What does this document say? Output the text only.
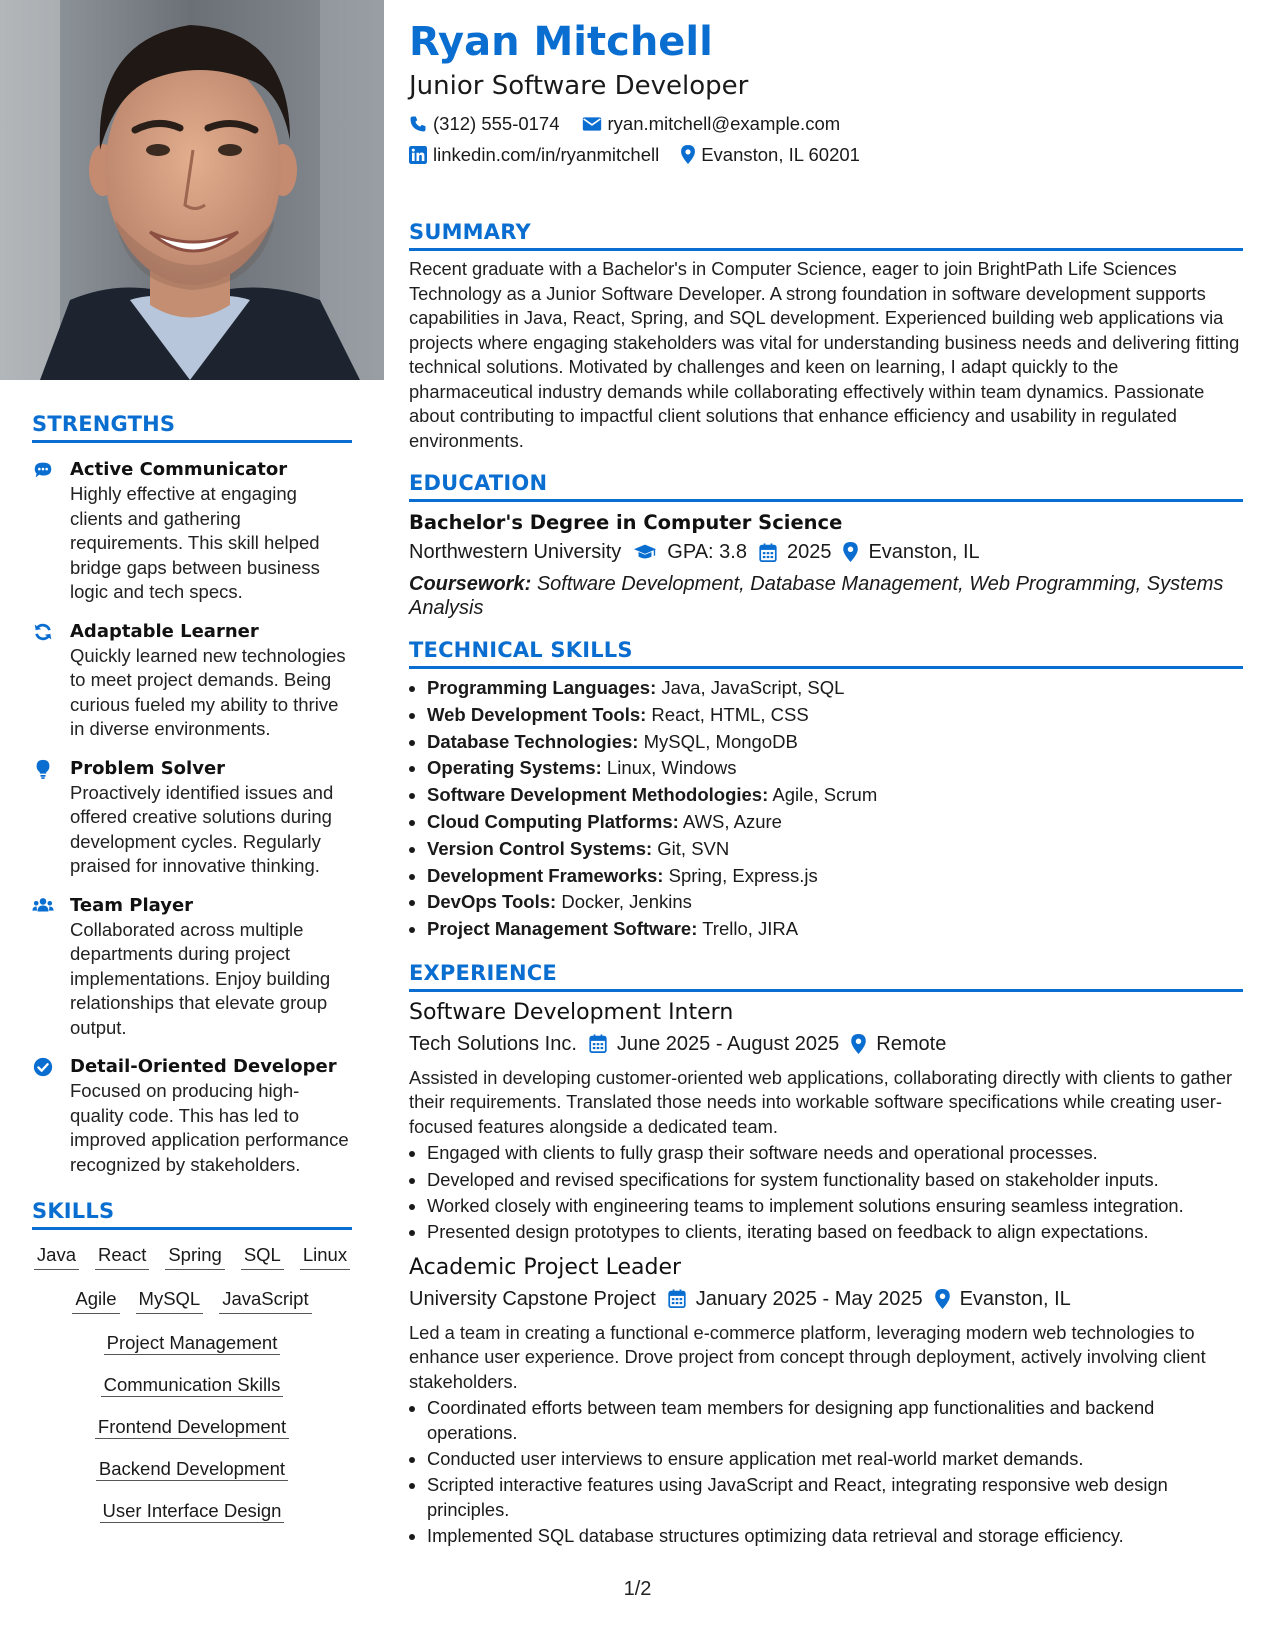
STRENGTHS
Active Communicator
Highly effective at engaging clients and gathering requirements. This skill helped bridge gaps between business logic and tech specs.
Adaptable Learner
Quickly learned new technologies to meet project demands. Being curious fueled my ability to thrive in diverse environments.
Problem Solver
Proactively identified issues and offered creative solutions during development cycles. Regularly praised for innovative thinking.
Team Player
Collaborated across multiple departments during project implementations. Enjoy building relationships that elevate group output.
Detail-Oriented Developer
Focused on producing high-quality code. This has led to improved application performance recognized by stakeholders.
SKILLS
Java React Spring SQL Linux
Agile MySQL JavaScript
Project Management
Communication Skills
Frontend Development
Backend Development
User Interface Design
Ryan Mitchell
Junior Software Developer
(312) 555-0174	ryan.mitchell@example.com
linkedin.com/in/ryanmitchell Evanston, IL 60201
SUMMARY

Recent graduate with a Bachelor's in Computer Science, eager to join BrightPath Life Sciences Technology as a Junior Software Developer. A strong foundation in software development supports capabilities in Java, React, Spring, and SQL development. Experienced building web applications via projects where engaging stakeholders was vital for understanding business needs and delivering fitting technical solutions. Motivated by challenges and keen on learning, I adapt quickly to the pharmaceutical industry demands while collaborating effectively within team dynamics. Passionate about contributing to impactful client solutions that enhance efficiency and usability in regulated environments.

EDUCATION
Bachelor's Degree in Computer Science
Northwestern University GPA: 3.8 2025 Evanston, IL
Coursework: Software Development, Database Management, Web Programming, Systems Analysis
TECHNICAL SKILLS
• Programming Languages: Java, JavaScript, SQL
• Web Development Tools: React, HTML, CSS
• Database Technologies: MySQL, MongoDB
• Operating Systems: Linux, Windows
• Software Development Methodologies: Agile, Scrum
• Cloud Computing Platforms: AWS, Azure
• Version Control Systems: Git, SVN
• Development Frameworks: Spring, Express.js
• DevOps Tools: Docker, Jenkins
• Project Management Software: Trello, JIRA
EXPERIENCE
Software Development Intern
Tech Solutions Inc. June 2025 - August 2025 Remote

Assisted in developing customer-oriented web applications, collaborating directly with clients to gather their requirements. Translated those needs into workable software specifications while creating user-focused features alongside a dedicated team.

• Engaged with clients to fully grasp their software needs and operational processes.
• Developed and revised specifications for system functionality based on stakeholder inputs.
• Worked closely with engineering teams to implement solutions ensuring seamless integration.
• Presented design prototypes to clients, iterating based on feedback to align expectations.
Academic Project Leader
University Capstone Project January 2025 - May 2025 Evanston, IL

Led a team in creating a functional e-commerce platform, leveraging modern web technologies to enhance user experience. Drove project from concept through deployment, actively involving client stakeholders.

• Coordinated efforts between team members for designing app functionalities and backend operations.
• Conducted user interviews to ensure application met real-world market demands.
• Scripted interactive features using JavaScript and React, integrating responsive web design principles.
• Implemented SQL database structures optimizing data retrieval and storage efficiency.
1/2
